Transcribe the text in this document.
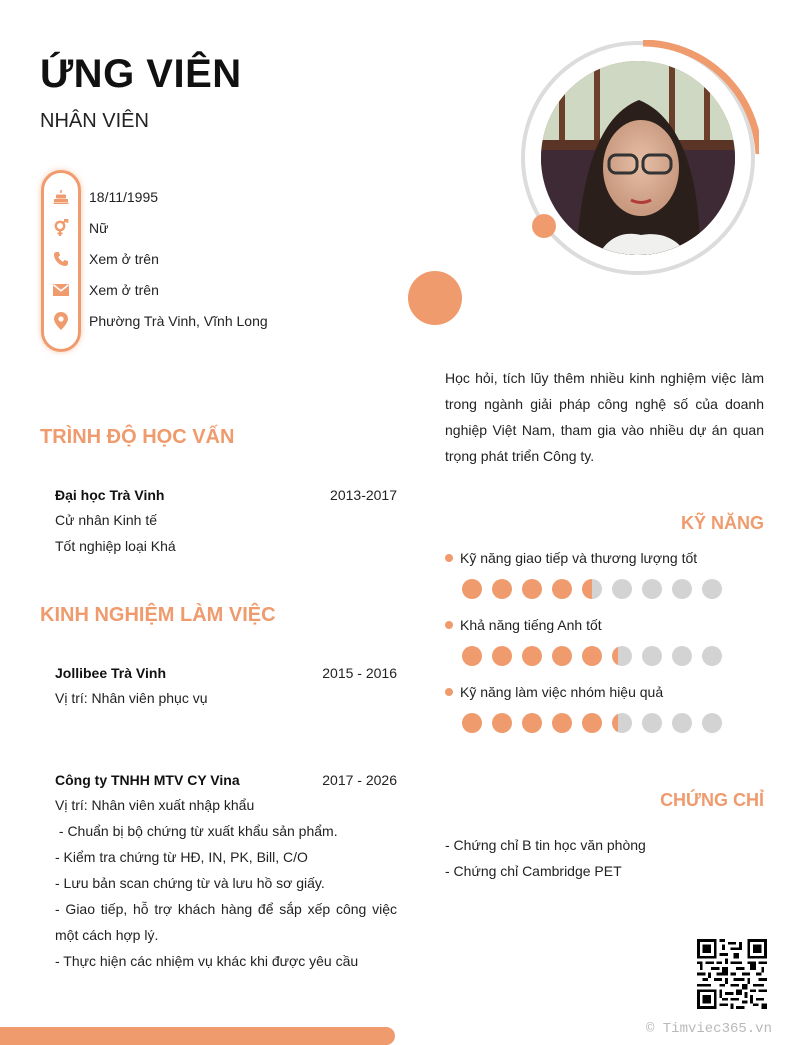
ỨNG VIÊN
NHÂN VIÊN
18/11/1995
Nữ
Xem ở trên
Xem ở trên
Phường Trà Vinh, Vĩnh Long
Học hỏi, tích lũy thêm nhiều kinh nghiệm việc làm trong ngành giải pháp công nghệ số của doanh nghiệp Việt Nam, tham gia vào nhiều dự án quan trọng phát triển Công ty.
TRÌNH ĐỘ HỌC VẤN
Đại học Trà Vinh	2013-2017
Cử nhân Kinh tế
Tốt nghiệp loại Khá
KINH NGHIỆM LÀM VIỆC
Jollibee Trà Vinh	2015 - 2016
Vị trí: Nhân viên phục vụ
Công ty TNHH MTV CY Vina	2017 - 2026
Vị trí: Nhân viên xuất nhập khẩu
- Chuẩn bị bộ chứng từ xuất khẩu sản phẩm.
- Kiểm tra chứng từ HĐ, IN, PK, Bill, C/O
- Lưu bản scan chứng từ và lưu hồ sơ giấy.
- Giao tiếp, hỗ trợ khách hàng để sắp xếp công việc một cách hợp lý.
- Thực hiện các nhiệm vụ khác khi được yêu cầu
KỸ NĂNG
Kỹ năng giao tiếp và thương lượng tốt
Khả năng tiếng Anh tốt
Kỹ năng làm việc nhóm hiệu quả
CHỨNG CHỈ
- Chứng chỉ B tin học văn phòng
- Chứng chỉ Cambridge PET
© Timviec365.vn
